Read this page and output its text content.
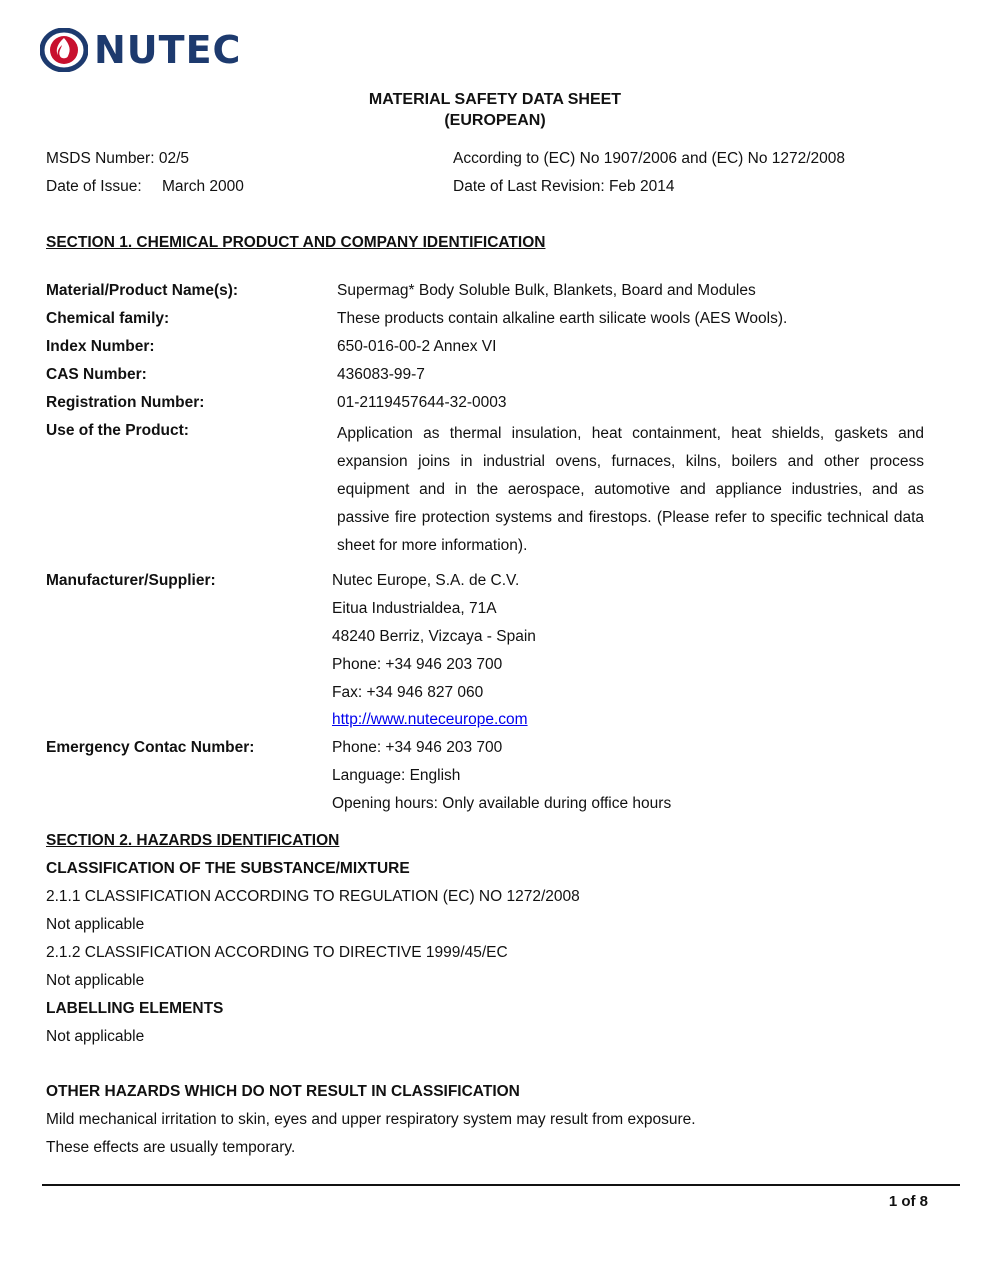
NUTEC
MATERIAL SAFETY DATA SHEET
(EUROPEAN)
MSDS Number: 02/5	According to (EC) No 1907/2006 and (EC) No 1272/2008
Date of Issue: March 2000	Date of Last Revision: Feb 2014
SECTION 1. CHEMICAL PRODUCT AND COMPANY IDENTIFICATION
Material/Product Name(s):	Supermag* Body Soluble Bulk, Blankets, Board and Modules
Chemical family:	These products contain alkaline earth silicate wools (AES Wools).
Index Number:	650-016-00-2 Annex VI
CAS Number:	436083-99-7
Registration Number:	01-2119457644-32-0003
Use of the Product:	Application as thermal insulation, heat containment, heat shields, gaskets and expansion joins in industrial ovens, furnaces, kilns, boilers and other process equipment and in the aerospace, automotive and appliance industries, and as passive fire protection systems and firestops. (Please refer to specific technical data sheet for more information).
Manufacturer/Supplier:	Nutec Europe, S.A. de C.V.
Eitua Industrialdea, 71A
48240 Berriz, Vizcaya - Spain
Phone: +34 946 203 700
Fax: +34 946 827 060
http://www.nuteceurope.com
Emergency Contac Number:	Phone: +34 946 203 700
Language: English
Opening hours: Only available during office hours
SECTION 2. HAZARDS IDENTIFICATION
CLASSIFICATION OF THE SUBSTANCE/MIXTURE
2.1.1 CLASSIFICATION ACCORDING TO REGULATION (EC) NO 1272/2008
Not applicable
2.1.2 CLASSIFICATION ACCORDING TO DIRECTIVE 1999/45/EC
Not applicable
LABELLING ELEMENTS
Not applicable
OTHER HAZARDS WHICH DO NOT RESULT IN CLASSIFICATION
Mild mechanical irritation to skin, eyes and upper respiratory system may result from exposure.
These effects are usually temporary.
1 of 8
